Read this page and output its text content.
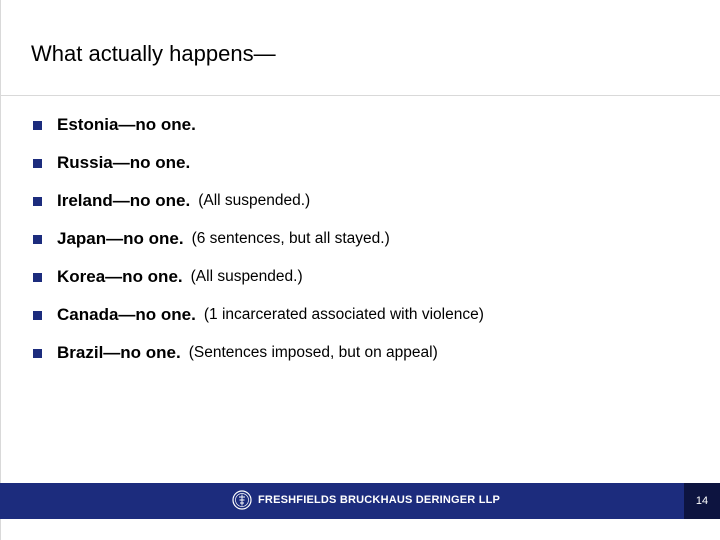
What actually happens—
Estonia—no one.
Russia—no one.
Ireland—no one. (All suspended.)
Japan—no one. (6 sentences, but all stayed.)
Korea—no one. (All suspended.)
Canada—no one. (1 incarcerated associated with violence)
Brazil—no one. (Sentences imposed, but on appeal)
FRESHFIELDS BRUCKHAUS DERINGER LLP	14
